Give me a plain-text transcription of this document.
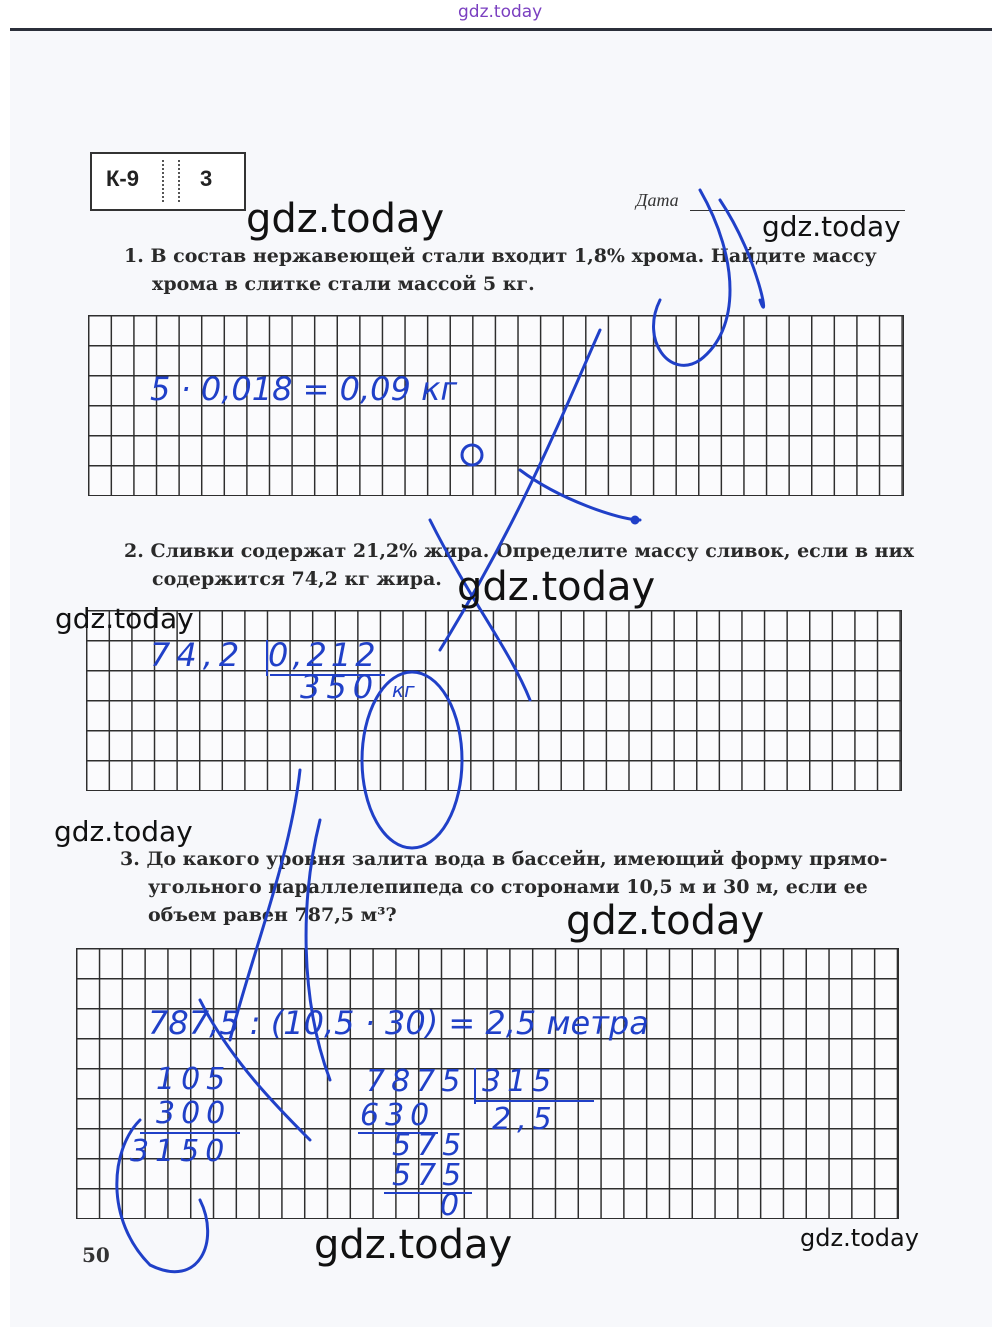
gdz.today
К-9	3
Дата
1. В состав нержавеющей стали входит 1,8% хрома. Найдите массу
хрома в слитке стали массой 5 кг.
5 · 0,018 = 0,09 кг
2. Сливки содержат 21,2% жира. Определите массу сливок, если в них
содержится 74,2 кг жира.
74,2 0,212
350 кг
3. До какого уровня залита вода в бассейн, имеющий форму прямо-
угольного параллелепипеда со сторонами 10,5 м и 30 м, если ее
объем равен 787,5 м³?
787,5 : (10,5 · 30) = 2,5 метра
105
300
3150
7875 315
630 2,5
575
575
0
50
gdz.today	gdz.today
gdz.today
gdz.today
gdz.today
gdz.today
gdz.today	gdz.today
